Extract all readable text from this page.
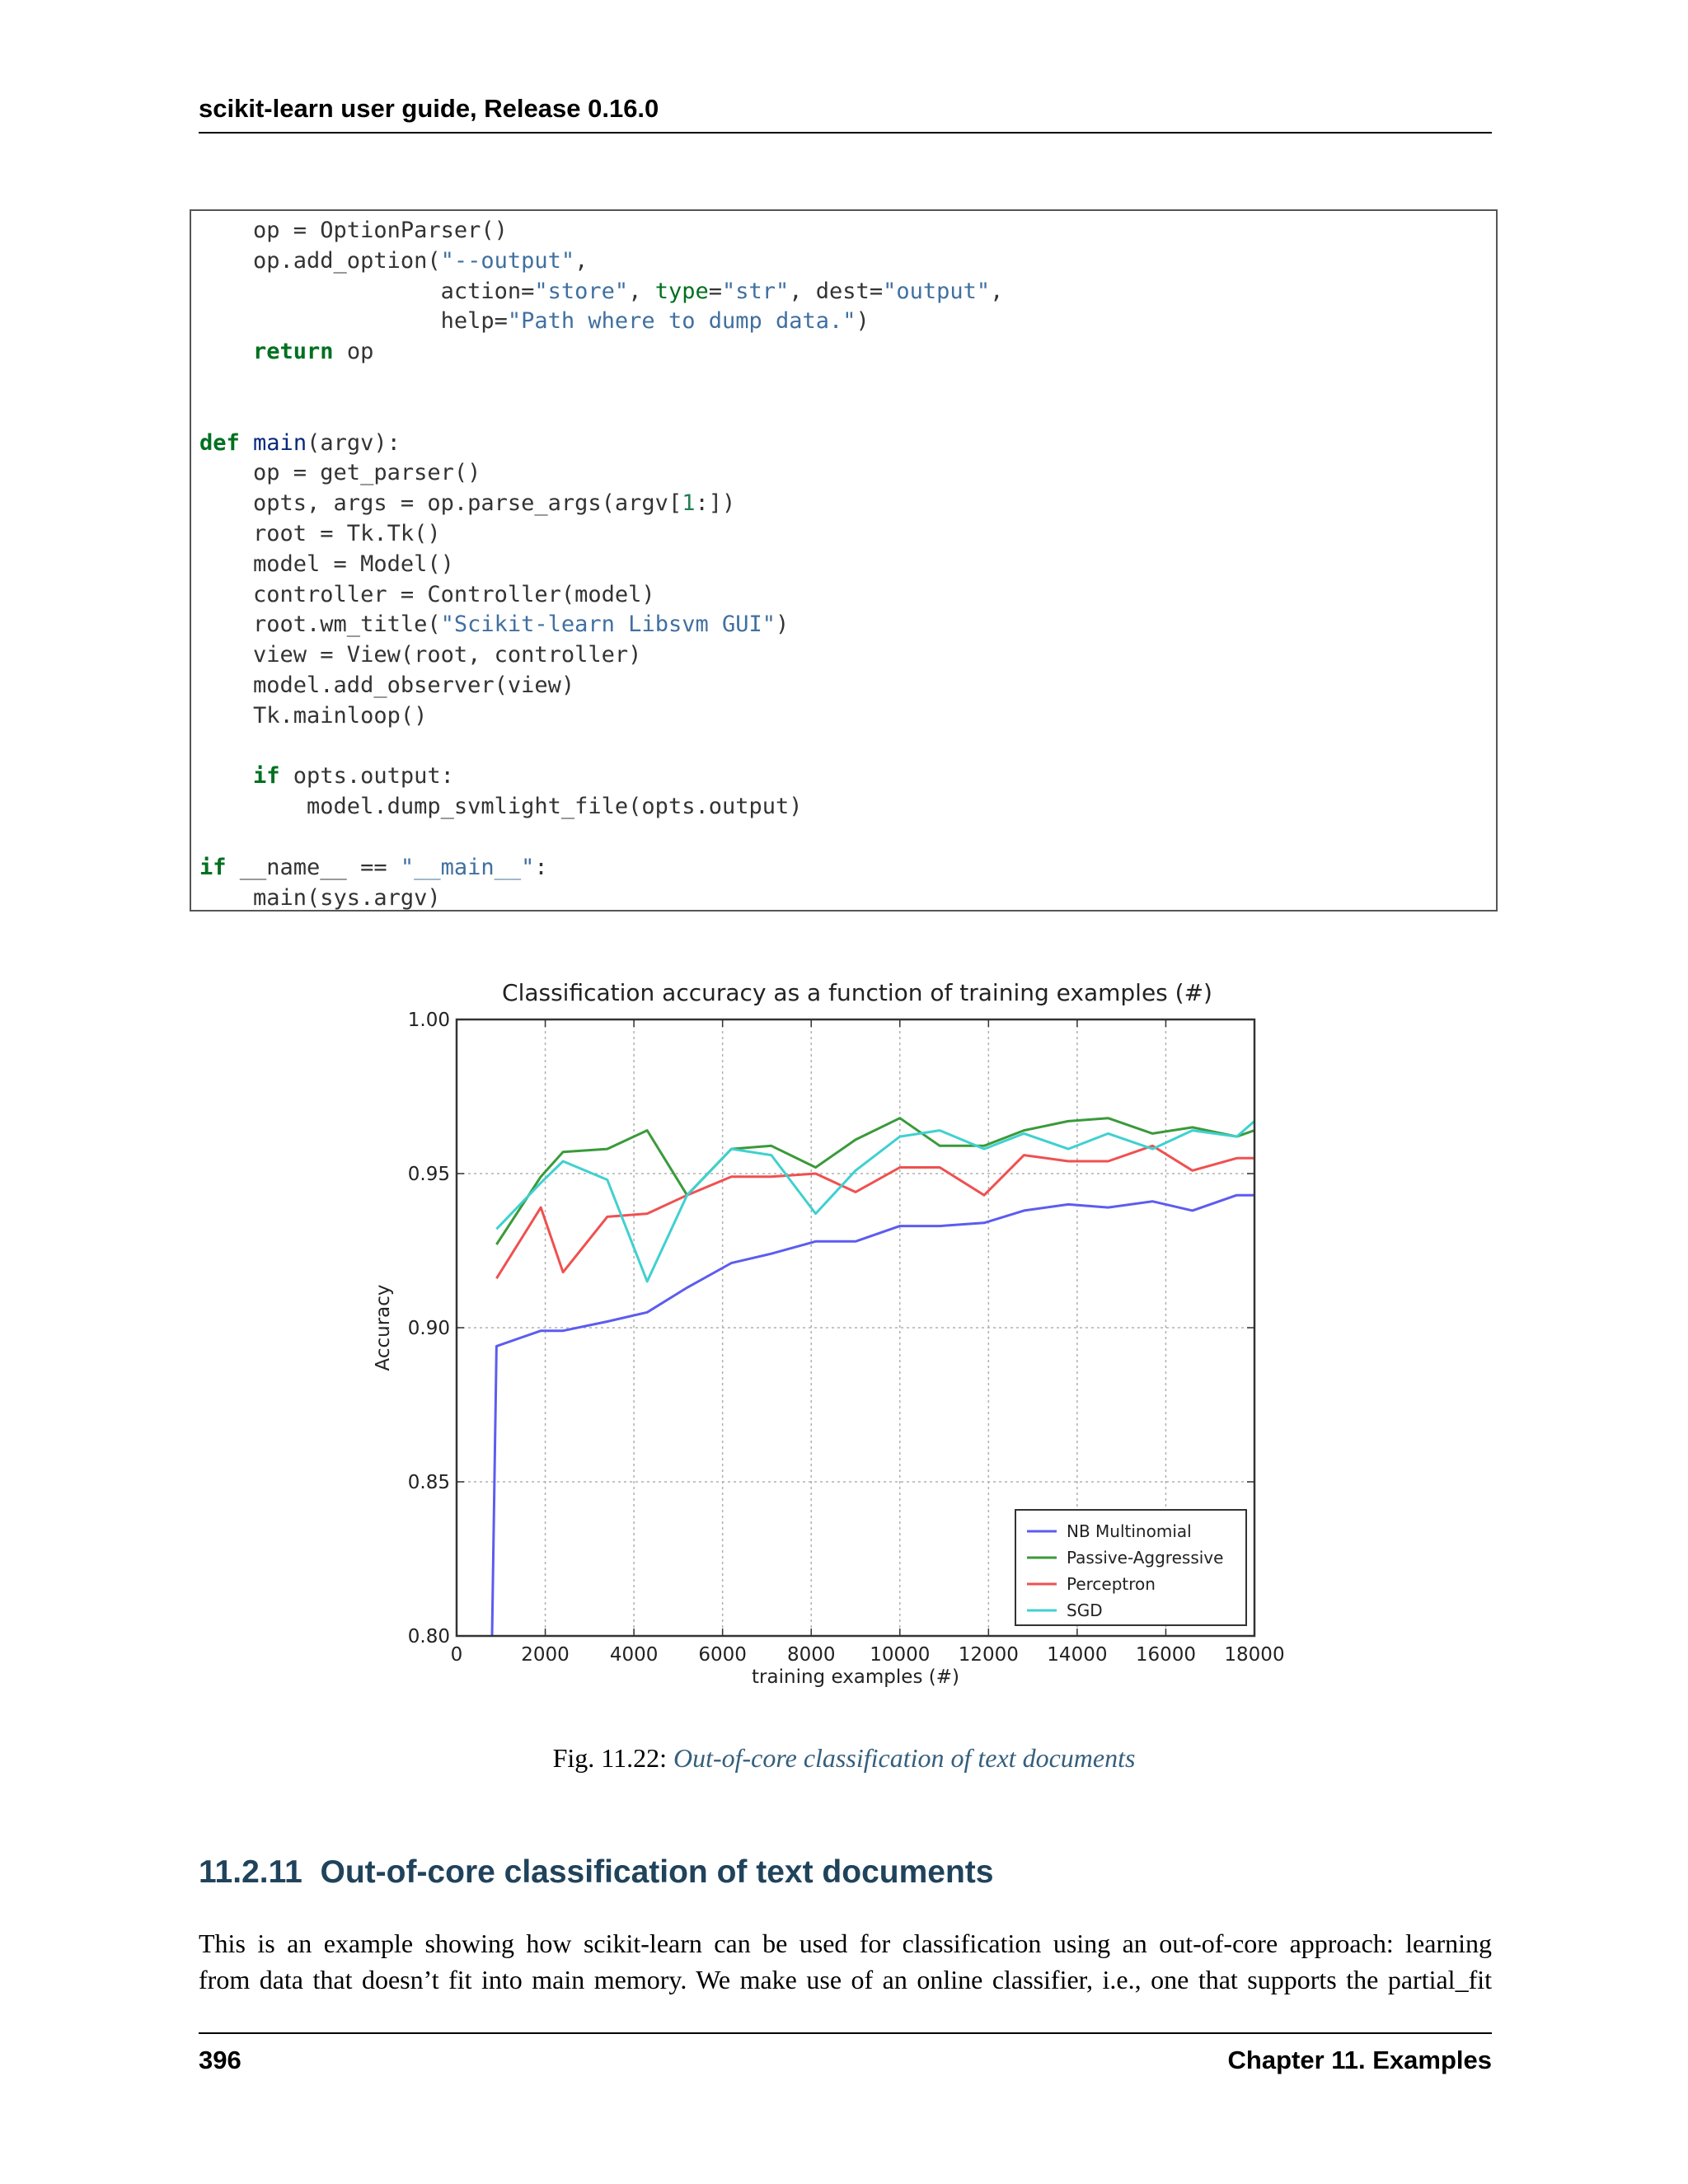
scikit-learn user guide, Release 0.16.0
op = OptionParser()
op.add_option("--output",
action="store", type="str", dest="output",
help="Path where to dump data.")
return op
def main(argv):
op = get_parser()
opts, args = op.parse_args(argv[1:])
root = Tk.Tk()
model = Model()
controller = Controller(model)
root.wm_title("Scikit-learn Libsvm GUI")
view = View(root, controller)
model.add_observer(view)
Tk.mainloop()
if opts.output:
model.dump_svmlight_file(opts.output)
if __name__ == "__main__":
main(sys.argv)
Classification accuracy as a function of training examples (#)
0	2000 4000 6000 8000 10000 12000 14000 16000 18000
0.80
0.85
0.90
0.95
1.00
training examples (#)
Accuracy
NB Multinomial
Passive-Aggressive
Perceptron
SGD
Fig. 11.22: Out-of-core classification of text documents
11.2.11 Out-of-core classification of text documents

This is an example showing how scikit-learn can be used for classification using an out-of-core approach: learning

from data that doesn’t fit into main memory. We make use of an online classifier, i.e., one that supports the partial_fit

396	Chapter 11. Examples
